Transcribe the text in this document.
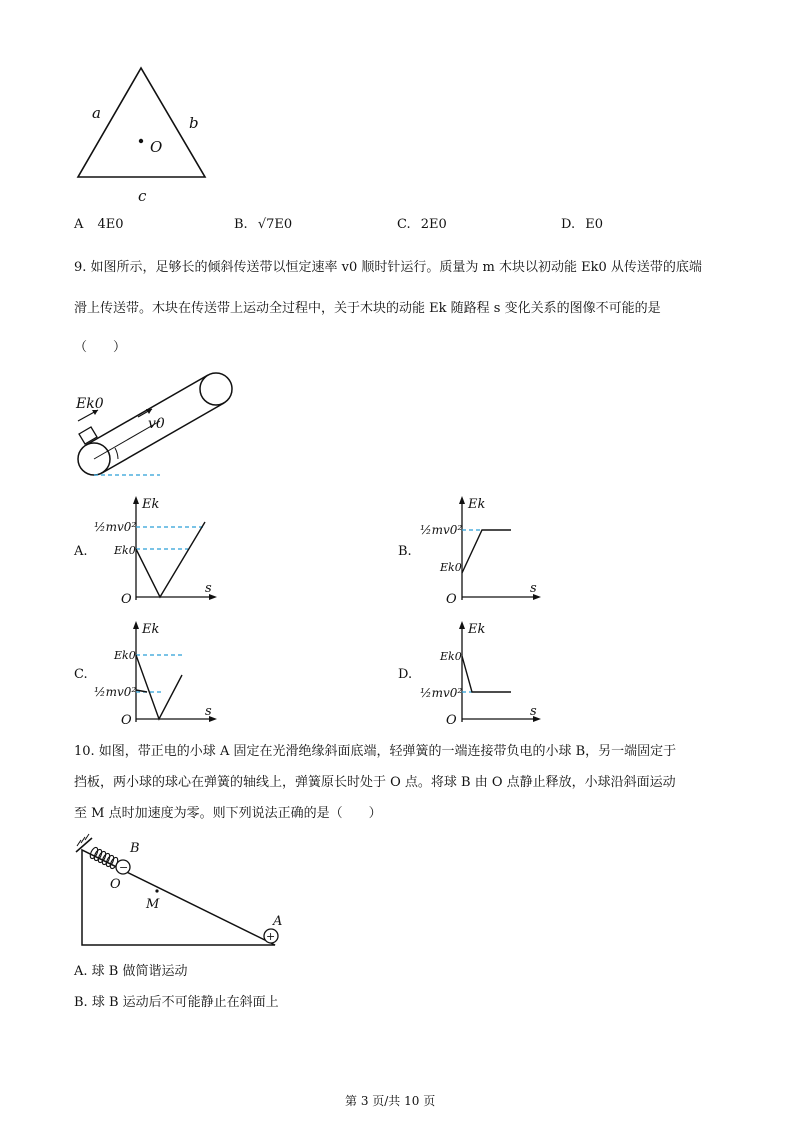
a
b
c
O
A 4E0	B. √7E0	C. 2E0	D. E0
9. 如图所示，足够长的倾斜传送带以恒定速率 v0 顺时针运行。质量为 m 木块以初动能 Ek0 从传送带的底端
滑上传送带。木块在传送带上运动全过程中，关于木块的动能 Ek 随路程 s 变化关系的图像不可能的是
（　　）
Ek0
v0
A.
Ek
s
O
½mv0²
Ek0	B.
Ek
s
O
½mv0²
Ek0
C.
Ek
s
O
Ek0
½mv0²
D.
Ek
s
O
Ek0
½mv0²
10. 如图，带正电的小球 A 固定在光滑绝缘斜面底端，轻弹簧的一端连接带负电的小球 B，另一端固定于
挡板，两小球的球心在弹簧的轴线上，弹簧原长时处于 O 点。将球 B 由 O 点静止释放，小球沿斜面运动
至 M 点时加速度为零。则下列说法正确的是（　　）
−
+
B
O
M
A
A. 球 B 做简谐运动
B. 球 B 运动后不可能静止在斜面上
第 3 页/共 10 页
